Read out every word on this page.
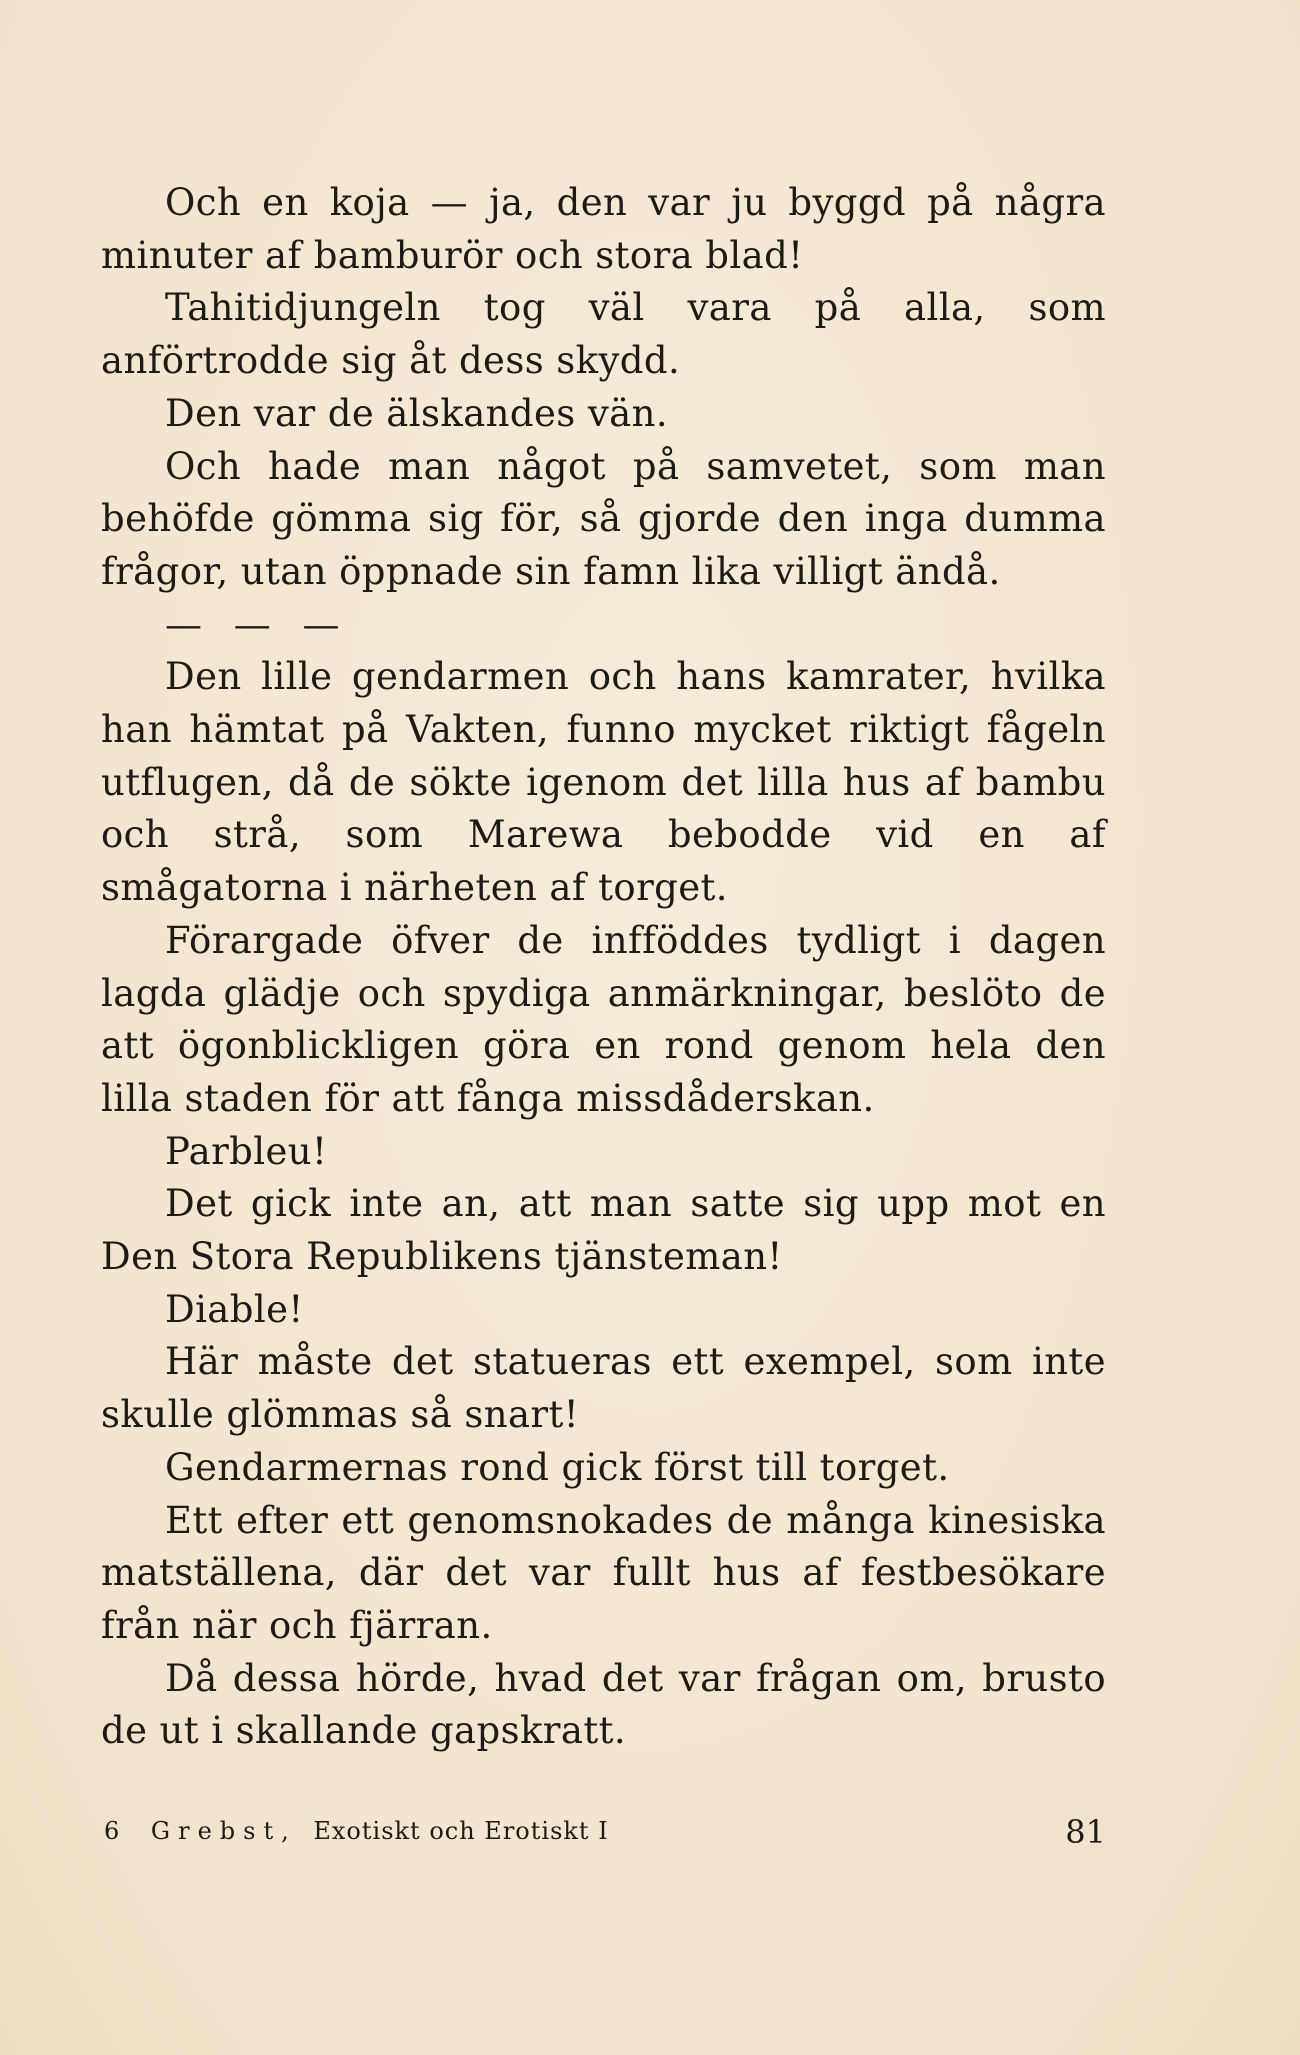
Och en koja — ja, den var ju byggd på några minuter af bamburör och stora blad!

Tahitidjungeln tog väl vara på alla, som anförtrodde sig åt dess skydd.

Den var de älskandes vän.

Och hade man något på samvetet, som man behöfde gömma sig för, så gjorde den inga dumma frågor, utan öppnade sin famn lika villigt ändå.

— — —

Den lille gendarmen och hans kamrater, hvilka han hämtat på Vakten, funno mycket riktigt fågeln utflugen, då de sökte igenom det lilla hus af bambu och strå, som Marewa bebodde vid en af smågatorna i närheten af torget.

Förargade öfver de infföddes tydligt i dagen lagda glädje och spydiga anmärkningar, beslöto de att ögonblickligen göra en rond genom hela den lilla staden för att fånga missdåderskan.

Parbleu!

Det gick inte an, att man satte sig upp mot en Den Stora Republikens tjänsteman!

Diable!

Här måste det statueras ett exempel, som inte skulle glömmas så snart!

Gendarmernas rond gick först till torget.

Ett efter ett genomsnokades de många kinesiska matställena, där det var fullt hus af festbesökare från när och fjärran.

Då dessa hörde, hvad det var frågan om, brusto de ut i skallande gapskratt.

6 Grebst, Exotiskt och Erotiskt I	81
